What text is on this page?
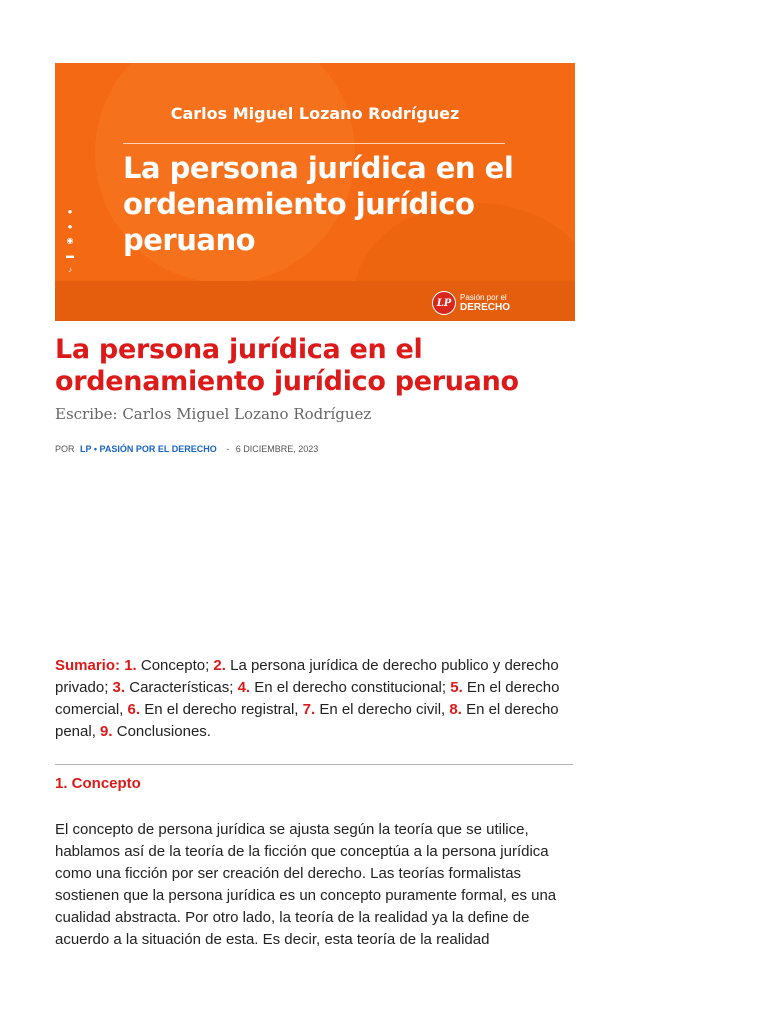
Carlos Miguel Lozano Rodríguez
La persona jurídica en el ordenamiento jurídico peruano
●
●
◉
▬
♪
LP	Pasión por el
DERECHO
La persona jurídica en el ordenamiento jurídico peruano
Escribe: Carlos Miguel Lozano Rodríguez
POR LP • PASIÓN POR EL DERECHO - 6 DICIEMBRE, 2023
Sumario: 1. Concepto; 2. La persona jurídica de derecho publico y derecho privado; 3. Características; 4. En el derecho constitucional; 5. En el derecho comercial, 6. En el derecho registral, 7. En el derecho civil, 8. En el derecho penal, 9. Conclusiones.
1. Concepto

El concepto de persona jurídica se ajusta según la teoría que se utilice, hablamos así de la teoría de la ficción que conceptúa a la persona jurídica como una ficción por ser creación del derecho. Las teorías formalistas sostienen que la persona jurídica es un concepto puramente formal, es una cualidad abstracta. Por otro lado, la teoría de la realidad ya la define de acuerdo a la situación de esta. Es decir, esta teoría de la realidad
